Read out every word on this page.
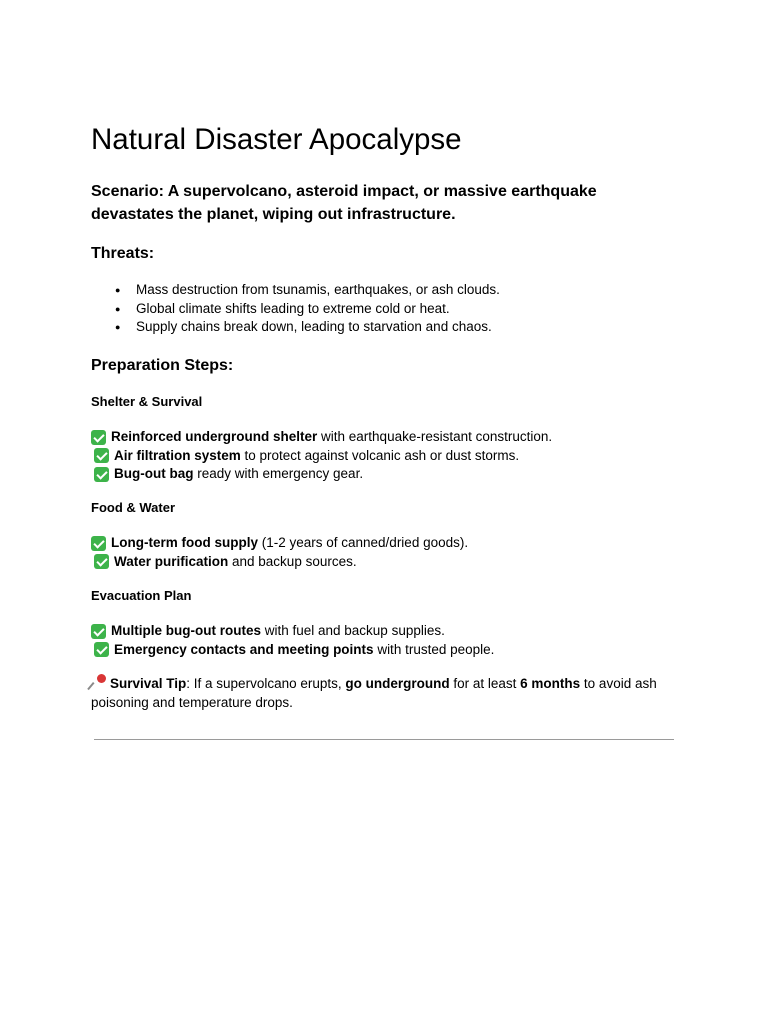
Natural Disaster Apocalypse

Scenario: A supervolcano, asteroid impact, or massive earthquake devastates the planet, wiping out infrastructure.

Threats:
● Mass destruction from tsunamis, earthquakes, or ash clouds.
● Global climate shifts leading to extreme cold or heat.
● Supply chains break down, leading to starvation and chaos.
Preparation Steps:
Shelter & Survival
Reinforced underground shelter with earthquake-resistant construction.
Air filtration system to protect against volcanic ash or dust storms.
Bug-out bag ready with emergency gear.
Food & Water
Long-term food supply (1-2 years of canned/dried goods).
Water purification and backup sources.
Evacuation Plan
Multiple bug-out routes with fuel and backup supplies.
Emergency contacts and meeting points with trusted people.

Survival Tip: If a supervolcano erupts, go underground for at least 6 months to avoid ash poisoning and temperature drops.
